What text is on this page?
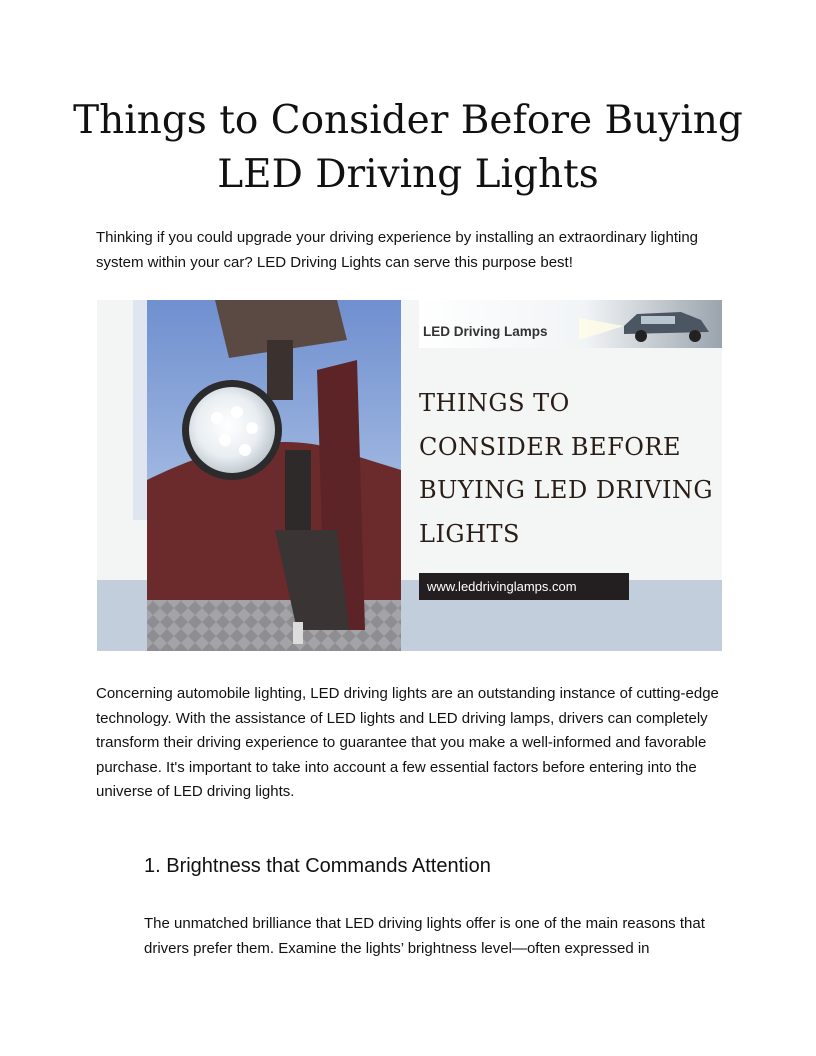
Things to Consider Before Buying LED Driving Lights

Thinking if you could upgrade your driving experience by installing an extraordinary lighting system within your car? LED Driving Lights can serve this purpose best!

LED Driving Lamps
THINGS TO CONSIDER BEFORE BUYING LED DRIVING LIGHTS
www.leddrivinglamps.com

Concerning automobile lighting, LED driving lights are an outstanding instance of cutting-edge technology. With the assistance of LED lights and LED driving lamps, drivers can completely transform their driving experience to guarantee that you make a well-informed and favorable purchase. It's important to take into account a few essential factors before entering into the universe of LED driving lights.

1. Brightness that Commands Attention

The unmatched brilliance that LED driving lights offer is one of the main reasons that drivers prefer them. Examine the lights’ brightness level—often expressed in
